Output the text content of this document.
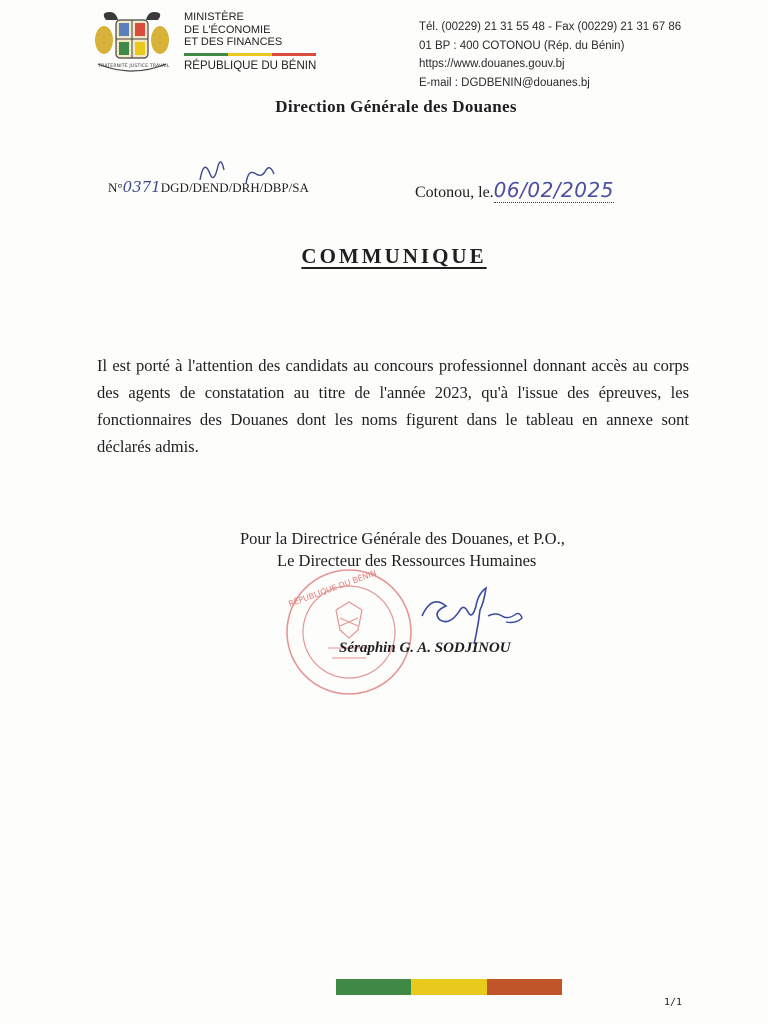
FRATERNITÉ JUSTICE TRAVAIL
MINISTÈRE
DE L'ÉCONOMIE
ET DES FINANCES
RÉPUBLIQUE DU BÉNIN
Tél. (00229) 21 31 55 48 - Fax (00229) 21 31 67 86
01 BP : 400 COTONOU (Rép. du Bénin)
https://www.douanes.gouv.bj
E-mail : DGDBENIN@douanes.bj
Direction Générale des Douanes
N°0371DGD/DEND/DRH/DBP/SA	Cotonou, le.06/02/2025
COMMUNIQUE
Il est porté à l'attention des candidats au concours professionnel donnant accès au corps des agents de constatation au titre de l'année 2023, qu'à l'issue des épreuves, les fonctionnaires des Douanes dont les noms figurent dans le tableau en annexe sont déclarés admis.
Pour la Directrice Générale des Douanes, et P.O.,
Le Directeur des Ressources Humaines
RÉPUBLIQUE DU BÉNIN
Séraphin G. A. SODJINOU
1/1
